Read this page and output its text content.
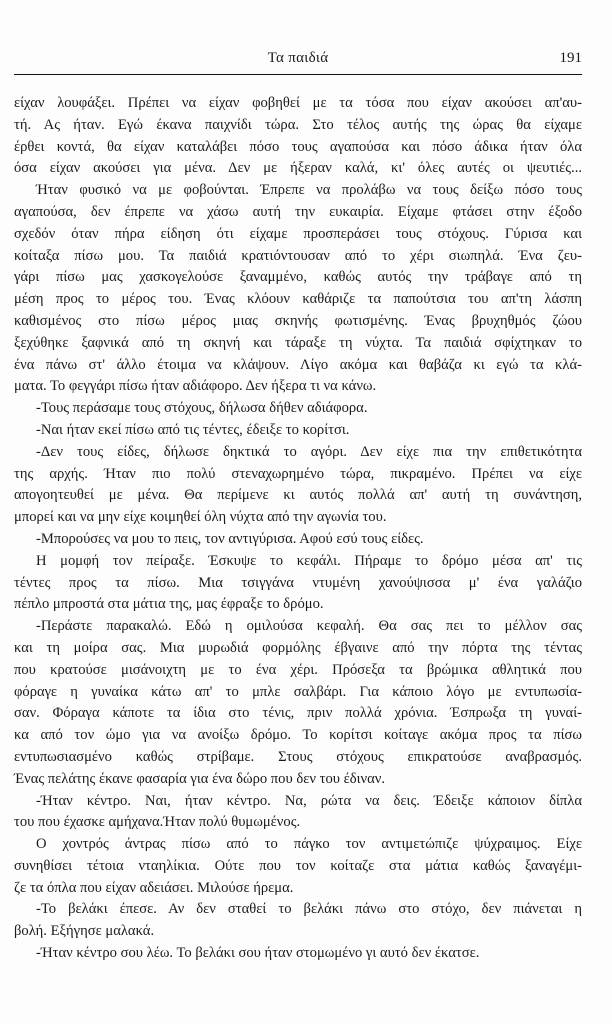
Τα παιδιά	191
είχαν λουφάξει. Πρέπει να είχαν φοβηθεί με τα τόσα που είχαν ακούσει απ'αυ-
τή. Ας ήταν. Εγώ έκανα παιχνίδι τώρα. Στο τέλος αυτής της ώρας θα είχαμε
έρθει κοντά, θα είχαν καταλάβει πόσο τους αγαπούσα και πόσο άδικα ήταν όλα
όσα είχαν ακούσει για μένα. Δεν με ήξεραν καλά, κι' όλες αυτές οι ψευτιές...
Ήταν φυσικό να με φοβούνται. Έπρεπε να προλάβω να τους δείξω πόσο τους
αγαπούσα, δεν έπρεπε να χάσω αυτή την ευκαιρία. Είχαμε φτάσει στην έξοδο
σχεδόν όταν πήρα είδηση ότι είχαμε προσπεράσει τους στόχους. Γύρισα και
κοίταξα πίσω μου. Τα παιδιά κρατιόντουσαν από το χέρι σιωπηλά. Ένα ζευ-
γάρι πίσω μας χασκογελούσε ξαναμμένο, καθώς αυτός την τράβαγε από τη
μέση προς το μέρος του. Ένας κλόουν καθάριζε τα παπούτσια του απ'τη λάσπη
καθισμένος στο πίσω μέρος μιας σκηνής φωτισμένης. Ένας βρυχηθμός ζώου
ξεχύθηκε ξαφνικά από τη σκηνή και τάραξε τη νύχτα. Τα παιδιά σφίχτηκαν το
ένα πάνω στ' άλλο έτοιμα να κλάψουν. Λίγο ακόμα και θαβάζα κι εγώ τα κλά-
ματα. Το φεγγάρι πίσω ήταν αδιάφορο. Δεν ήξερα τι να κάνω.
-Τους περάσαμε τους στόχους, δήλωσα δήθεν αδιάφορα.
-Ναι ήταν εκεί πίσω από τις τέντες, έδειξε το κορίτσι.
-Δεν τους είδες, δήλωσε δηκτικά το αγόρι. Δεν είχε πια την επιθετικότητα
της αρχής. Ήταν πιο πολύ στεναχωρημένο τώρα, πικραμένο. Πρέπει να είχε
απογοητευθεί με μένα. Θα περίμενε κι αυτός πολλά απ' αυτή τη συνάντηση,
μπορεί και να μην είχε κοιμηθεί όλη νύχτα από την αγωνία του.
-Μπορούσες να μου το πεις, τον αντιγύρισα. Αφού εσύ τους είδες.
Η μομφή τον πείραξε. Έσκυψε το κεφάλι. Πήραμε το δρόμο μέσα απ' τις
τέντες προς τα πίσω. Μια τσιγγάνα ντυμένη χανούψισσα μ' ένα γαλάζιο
πέπλο μπροστά στα μάτια της, μας έφραξε το δρόμο.
-Περάστε παρακαλώ. Εδώ η ομιλούσα κεφαλή. Θα σας πει το μέλλον σας
και τη μοίρα σας. Μια μυρωδιά φορμόλης έβγαινε από την πόρτα της τέντας
που κρατούσε μισάνοιχτη με το ένα χέρι. Πρόσεξα τα βρώμικα αθλητικά που
φόραγε η γυναίκα κάτω απ' το μπλε σαλβάρι. Για κάποιο λόγο με εντυπωσία-
σαν. Φόραγα κάποτε τα ίδια στο τένις, πριν πολλά χρόνια. Έσπρωξα τη γυναί-
κα από τον ώμο για να ανοίξω δρόμο. Το κορίτσι κοίταγε ακόμα προς τα πίσω
εντυπωσιασμένο καθώς στρίβαμε. Στους στόχους επικρατούσε αναβρασμός.
Ένας πελάτης έκανε φασαρία για ένα δώρο που δεν του έδιναν.
-Ήταν κέντρο. Ναι, ήταν κέντρο. Να, ρώτα να δεις. Έδειξε κάποιον δίπλα
του που έχασκε αμήχανα.Ήταν πολύ θυμωμένος.
Ο χοντρός άντρας πίσω από το πάγκο τον αντιμετώπιζε ψύχραιμος. Είχε
συνηθίσει τέτοια νταηλίκια. Ούτε που τον κοίταζε στα μάτια καθώς ξαναγέμι-
ζε τα όπλα που είχαν αδειάσει. Μιλούσε ήρεμα.
-Το βελάκι έπεσε. Αν δεν σταθεί το βελάκι πάνω στο στόχο, δεν πιάνεται η
βολή. Εξήγησε μαλακά.
-Ήταν κέντρο σου λέω. Το βελάκι σου ήταν στομωμένο γι αυτό δεν έκατσε.
